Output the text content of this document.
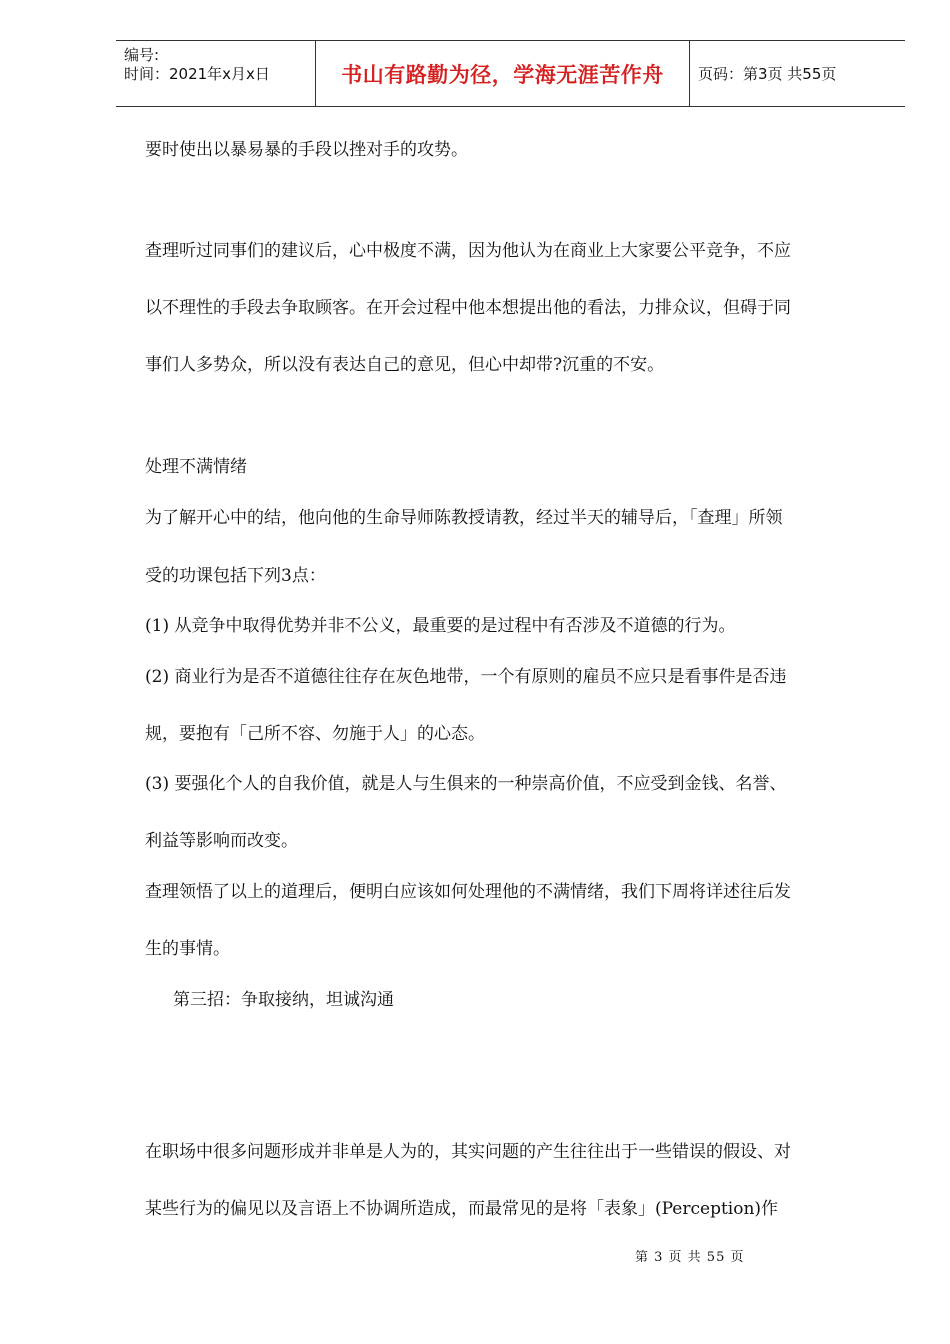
编号:
时间：2021年x月x日	书山有路勤为径，学海无涯苦作舟 页码：第3页 共55页
要时使出以暴易暴的手段以挫对手的攻势。
查理听过同事们的建议后，心中极度不满，因为他认为在商业上大家要公平竞争，不应
以不理性的手段去争取顾客。在开会过程中他本想提出他的看法，力排众议，但碍于同
事们人多势众，所以没有表达自己的意见，但心中却带?沉重的不安。
处理不满情绪
为了解开心中的结，他向他的生命导师陈教授请教，经过半天的辅导后，「查理」所领
受的功课包括下列3点：
(1) 从竞争中取得优势并非不公义，最重要的是过程中有否涉及不道德的行为。
(2) 商业行为是否不道德往往存在灰色地带，一个有原则的雇员不应只是看事件是否违
规，要抱有「己所不容、勿施于人」的心态。
(3) 要强化个人的自我价值，就是人与生俱来的一种崇高价值，不应受到金钱、名誉、
利益等影响而改变。
查理领悟了以上的道理后，便明白应该如何处理他的不满情绪，我们下周将详述往后发
生的事情。
第三招：争取接纳，坦诚沟通
在职场中很多问题形成并非单是人为的，其实问题的产生往往出于一些错误的假设、对
某些行为的偏见以及言语上不协调所造成，而最常见的是将「表象」(Perception)作
第 3 页 共 55 页
